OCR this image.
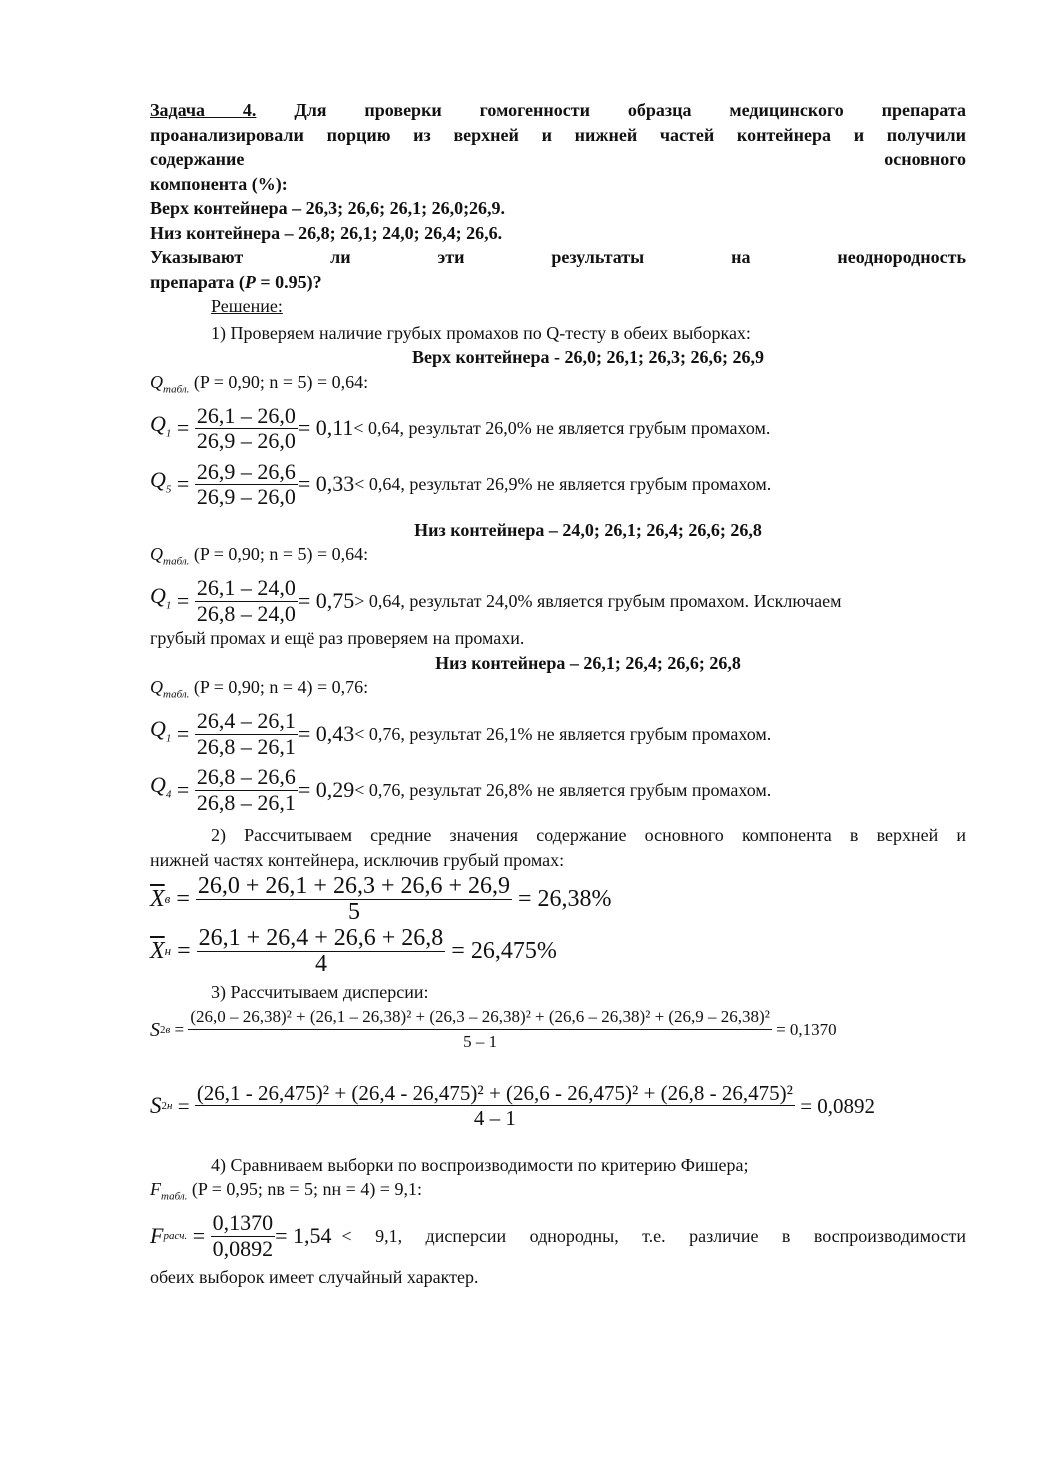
Задача 4. Для проверки гомогенности образца медицинского препарата
проанализировали порцию из верхней и нижней частей контейнера и получили
содержание	основного
компонента (%):
Верх контейнера – 26,3; 26,6; 26,1; 26,0;26,9.
Низ контейнера – 26,8; 26,1; 24,0; 26,4; 26,6.
Указывают	ли	эти	результаты	на	неоднородность
препарата (P = 0.95)?
Решение:
1) Проверяем наличие грубых промахов по Q-тесту в обеих выборках:
Верх контейнера - 26,0; 26,1; 26,3; 26,6; 26,9
$Q_{табл.}$ (P = 0,90; n = 5) = 0,64:
$Q_1 = \frac{26,1 - 26,0}{26,9 - 26,0} = 0,11 < 0,64$, результат 26,0% не является грубым промахом.
$Q_5 = \frac{26,9 - 26,6}{26,9 - 26,0} = 0,33 < 0,64$, результат 26,9% не является грубым промахом.
Низ контейнера – 24,0; 26,1; 26,4; 26,6; 26,8
$Q_{табл.}$ (P = 0,90; n = 5) = 0,64:
$Q_1 = \frac{26,1 - 24,0}{26,8 - 24,0} = 0,75 > 0,64$, результат 24,0% является грубым промахом. Исключаем
грубый промах и ещё раз проверяем на промахи.
Низ контейнера – 26,1; 26,4; 26,6; 26,8
$Q_{табл.}$ (P = 0,90; n = 4) = 0,76:
$Q_1 = \frac{26,4 - 26,1}{26,8 - 26,1} = 0,43 < 0,76$, результат 26,1% не является грубым промахом.
$Q_4 = \frac{26,8 - 26,6}{26,8 - 26,1} = 0,29 < 0,76$, результат 26,8% не является грубым промахом.
2) Рассчитываем средние значения содержание основного компонента в верхней и
нижней частях контейнера, исключив грубый промах:
$\overline{X}$ $в = \frac{26,0 + 26,1 + 26,3 + 26,6 + 26,9}{5}$
= 26,38%
$\overline{X}$ $н = \frac{26,1 + 26,4 + 26,6 + 26,8}{4}$
= 26,475%
3) Рассчитываем дисперсии:
S 2 в =
(26,0 – 26,38)² + (26,1 – 26,38)² + (26,3 – 26,38)² + (26,6 – 26,38)² + (26,9 – 26,38)²
5 – 1

= 0,1370
S 2 н =
(26,1 - 26,475)² + (26,4 - 26,475)² + (26,6 - 26,475)² + (26,8 - 26,475)²
4 – 1

= 0,0892
4) Сравниваем выборки по воспроизводимости по критерию Фишера;
$F_{табл.}$ (P = 0,95; nв = 5; nн = 4) = 9,1:
F расч. = $\frac{0,1370}{0,0892} = 1,54 < 9,1$, дисперсии однородны, т.е. различие в воспроизводимости
обеих выборок имеет случайный характер.
